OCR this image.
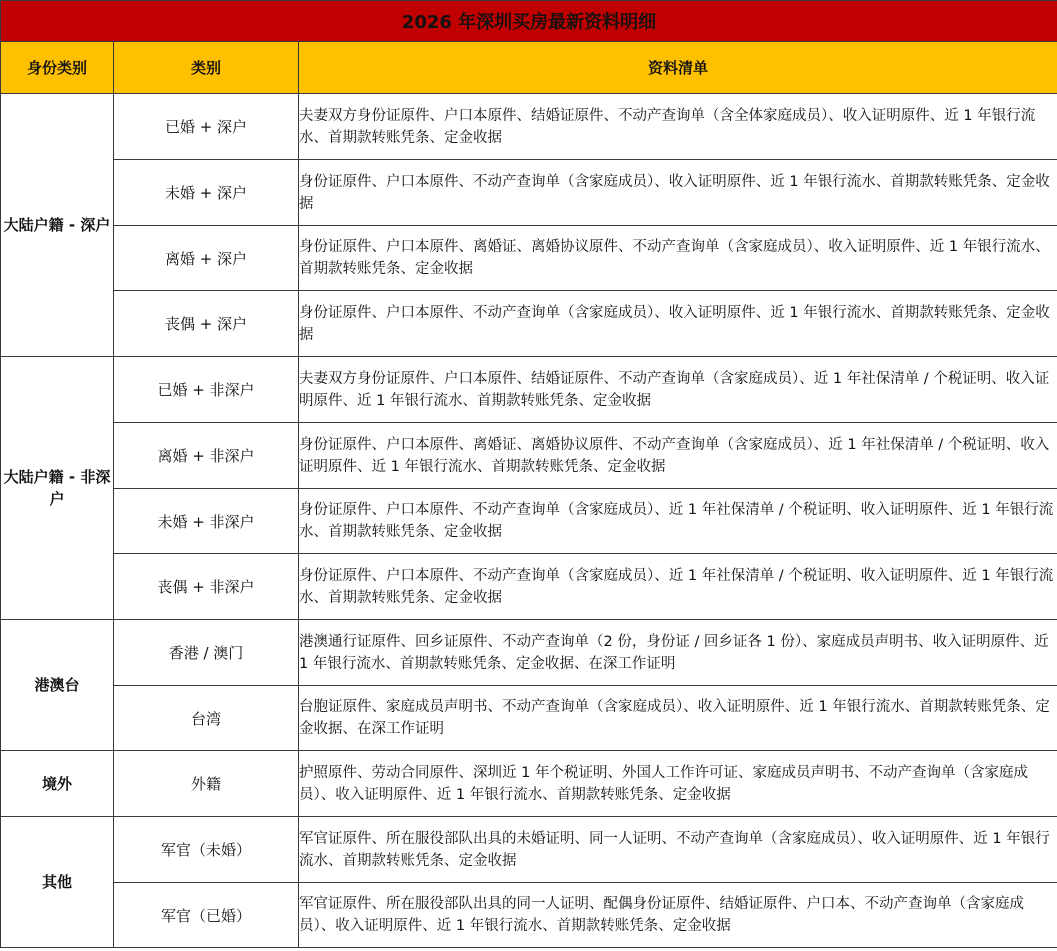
2026 年深圳买房最新资料明细		
身份类别	类别	资料清单
大陆户籍 - 深户	已婚 + 深户	夫妻双方身份证原件、户口本原件、结婚证原件、不动产查询单（含全体家庭成员）、收入证明原件、近 1 年银行流水、首期款转账凭条、定金收据
	未婚 + 深户	身份证原件、户口本原件、不动产查询单（含家庭成员）、收入证明原件、近 1 年银行流水、首期款转账凭条、定金收据
	离婚 + 深户	身份证原件、户口本原件、离婚证、离婚协议原件、不动产查询单（含家庭成员）、收入证明原件、近 1 年银行流水、首期款转账凭条、定金收据
	丧偶 + 深户	身份证原件、户口本原件、不动产查询单（含家庭成员）、收入证明原件、近 1 年银行流水、首期款转账凭条、定金收据
大陆户籍 - 非深户	已婚 + 非深户	夫妻双方身份证原件、户口本原件、结婚证原件、不动产查询单（含家庭成员）、近 1 年社保清单 / 个税证明、收入证明原件、近 1 年银行流水、首期款转账凭条、定金收据
	离婚 + 非深户	身份证原件、户口本原件、离婚证、离婚协议原件、不动产查询单（含家庭成员）、近 1 年社保清单 / 个税证明、收入证明原件、近 1 年银行流水、首期款转账凭条、定金收据
	未婚 + 非深户	身份证原件、户口本原件、不动产查询单（含家庭成员）、近 1 年社保清单 / 个税证明、收入证明原件、近 1 年银行流水、首期款转账凭条、定金收据
	丧偶 + 非深户	身份证原件、户口本原件、不动产查询单（含家庭成员）、近 1 年社保清单 / 个税证明、收入证明原件、近 1 年银行流水、首期款转账凭条、定金收据
港澳台	香港 / 澳门	港澳通行证原件、回乡证原件、不动产查询单（2 份，身份证 / 回乡证各 1 份）、家庭成员声明书、收入证明原件、近 1 年银行流水、首期款转账凭条、定金收据、在深工作证明
	台湾	台胞证原件、家庭成员声明书、不动产查询单（含家庭成员）、收入证明原件、近 1 年银行流水、首期款转账凭条、定金收据、在深工作证明
境外	外籍	护照原件、劳动合同原件、深圳近 1 年个税证明、外国人工作许可证、家庭成员声明书、不动产查询单（含家庭成员）、收入证明原件、近 1 年银行流水、首期款转账凭条、定金收据
其他	军官（未婚）	军官证原件、所在服役部队出具的未婚证明、同一人证明、不动产查询单（含家庭成员）、收入证明原件、近 1 年银行流水、首期款转账凭条、定金收据
	军官（已婚）	军官证原件、所在服役部队出具的同一人证明、配偶身份证原件、结婚证原件、户口本、不动产查询单（含家庭成员）、收入证明原件、近 1 年银行流水、首期款转账凭条、定金收据
